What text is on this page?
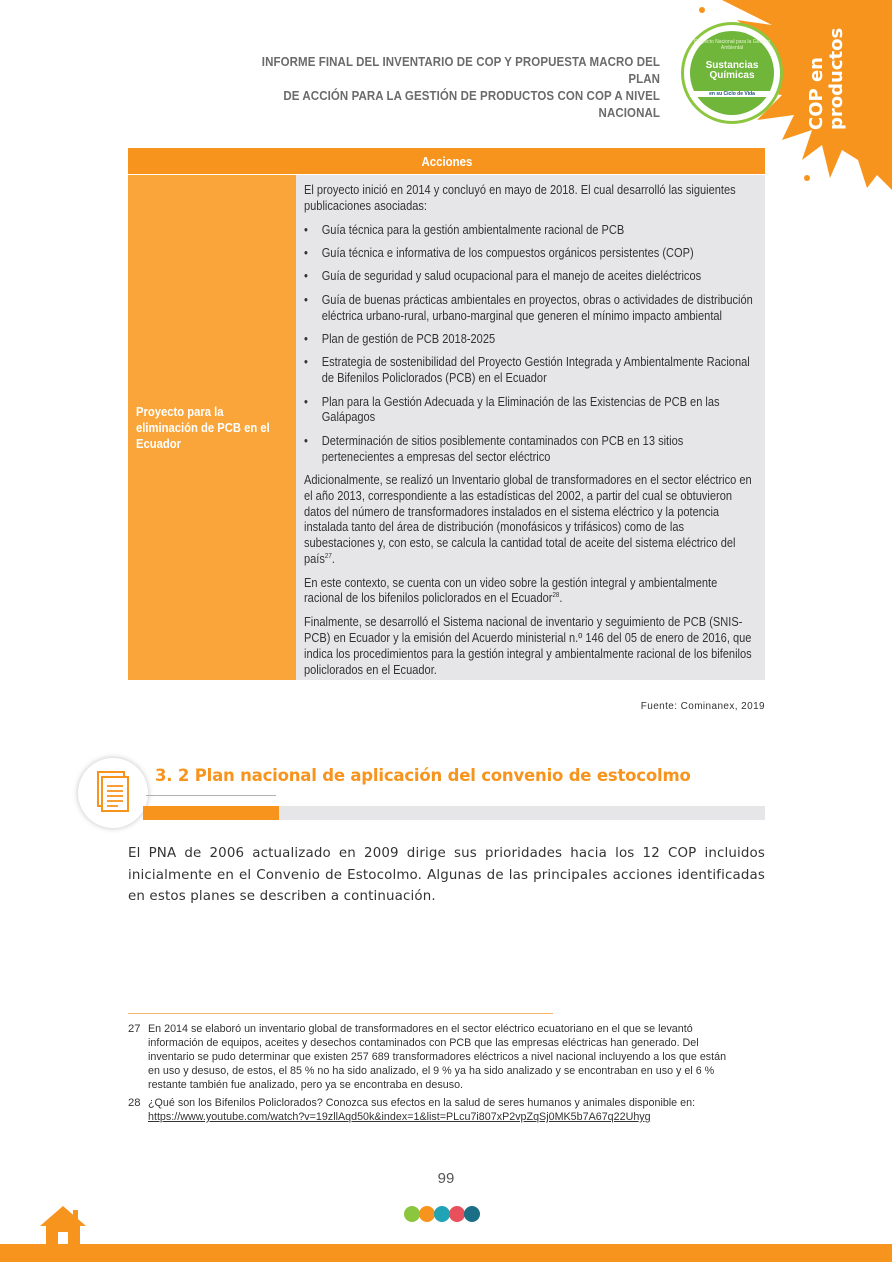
INFORME FINAL DEL INVENTARIO DE COP Y PROPUESTA MACRO DEL PLAN
DE ACCIÓN PARA LA GESTIÓN DE PRODUCTOS CON COP A NIVEL NACIONAL
Proyecto Nacional para la Gestión Ambiental
Sustancias Químicas
en su Ciclo de Vida	COP en productos
Acciones
Proyecto para la eliminación de PCB en el Ecuador

El proyecto inició en 2014 y concluyó en mayo de 2018. El cual desarrolló las siguientes publicaciones asociadas:

• Guía técnica para la gestión ambientalmente racional de PCB
• Guía técnica e informativa de los compuestos orgánicos persistentes (COP)
• Guía de seguridad y salud ocupacional para el manejo de aceites dieléctricos
• Guía de buenas prácticas ambientales en proyectos, obras o actividades de distribución eléctrica urbano-rural, urbano-marginal que generen el mínimo impacto ambiental
• Plan de gestión de PCB 2018-2025
• Estrategia de sostenibilidad del Proyecto Gestión Integrada y Ambientalmente Racional de Bifenilos Policlorados (PCB) en el Ecuador
• Plan para la Gestión Adecuada y la Eliminación de las Existencias de PCB en las Galápagos
• Determinación de sitios posiblemente contaminados con PCB en 13 sitios pertenecientes a empresas del sector eléctrico

Adicionalmente, se realizó un Inventario global de transformadores en el sector eléctrico en el año 2013, correspondiente a las estadísticas del 2002, a partir del cual se obtuvieron datos del número de transformadores instalados en el sistema eléctrico y la potencia instalada tanto del área de distribución (monofásicos y trifásicos) como de las subestaciones y, con esto, se calcula la cantidad total de aceite del sistema eléctrico del país$^{27}$.

En este contexto, se cuenta con un video sobre la gestión integral y ambientalmente racional de los bifenilos policlorados en el Ecuador$^{28}$.

Finalmente, se desarrolló el Sistema nacional de inventario y seguimiento de PCB (SNIS-PCB) en Ecuador y la emisión del Acuerdo ministerial n.º 146 del 05 de enero de 2016, que indica los procedimientos para la gestión integral y ambientalmente racional de los bifenilos policlorados en el Ecuador.

Fuente: Cominanex, 2019
3. 2 Plan nacional de aplicación del convenio de estocolmo
El PNA de 2006 actualizado en 2009 dirige sus prioridades hacia los 12 COP incluidos inicialmente en el Convenio de Estocolmo. Algunas de las principales acciones identificadas en estos planes se describen a continuación.
27 En 2014 se elaboró un inventario global de transformadores en el sector eléctrico ecuatoriano en el que se levantó información de equipos, aceites y desechos contaminados con PCB que las empresas eléctricas han generado. Del inventario se pudo determinar que existen 257 689 transformadores eléctricos a nivel nacional incluyendo a los que están en uso y desuso, de estos, el 85 % no ha sido analizado, el 9 % ya ha sido analizado y se encontraban en uso y el 6 % restante también fue analizado, pero ya se encontraba en desuso.
28 ¿Qué son los Bifenilos Policlorados? Conozca sus efectos en la salud de seres humanos y animales disponible en:
https://www.youtube.com/watch?v=19zllAqd50k&index=1&list=PLcu7i807xP2vpZqSj0MK5b7A67q22Uhyg
99
